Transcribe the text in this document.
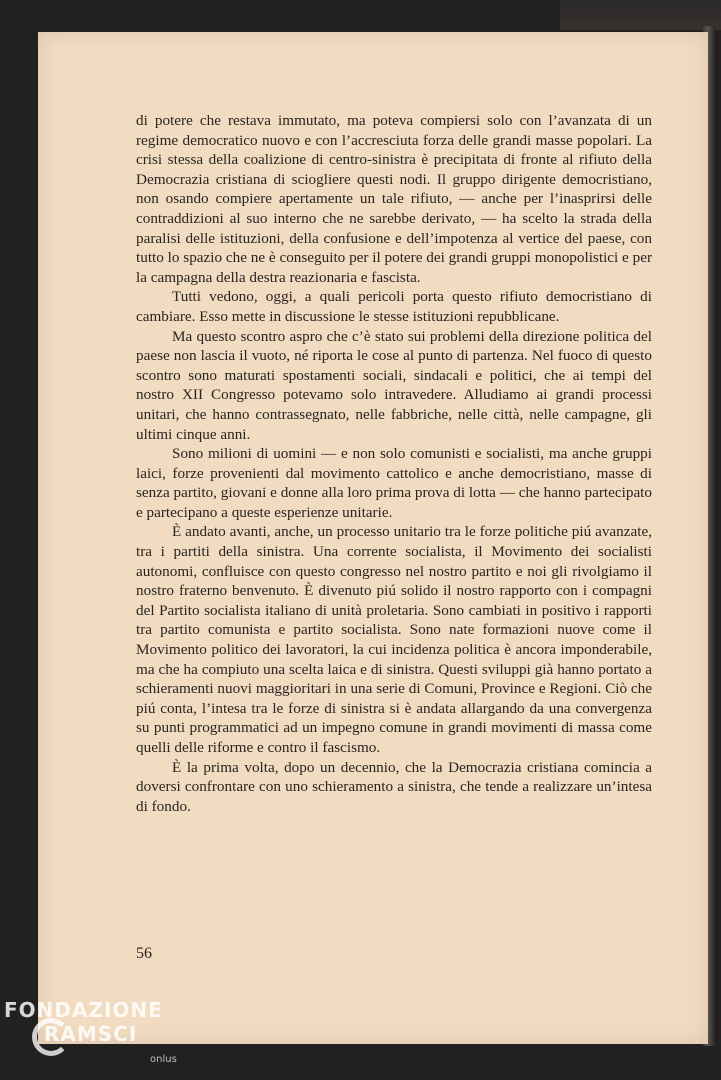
di potere che restava immutato, ma poteva compiersi solo con l’avanzata di un regime democratico nuovo e con l’accresciuta forza delle grandi masse popolari. La crisi stessa della coalizione di centro-sinistra è precipitata di fronte al rifiuto della Democrazia cristiana di sciogliere questi nodi. Il gruppo dirigente democristiano, non osando compiere apertamente un tale rifiuto, — anche per l’inasprirsi delle contraddizioni al suo interno che ne sarebbe derivato, — ha scelto la strada della paralisi delle istituzioni, della confusione e dell’impotenza al vertice del paese, con tutto lo spazio che ne è conseguito per il potere dei grandi gruppi monopolistici e per la campagna della destra reazionaria e fascista.

Tutti vedono, oggi, a quali pericoli porta questo rifiuto democristiano di cambiare. Esso mette in discussione le stesse istituzioni repubblicane.

Ma questo scontro aspro che c’è stato sui problemi della direzione politica del paese non lascia il vuoto, né riporta le cose al punto di partenza. Nel fuoco di questo scontro sono maturati spostamenti sociali, sindacali e politici, che ai tempi del nostro XII Congresso potevamo solo intravedere. Alludiamo ai grandi processi unitari, che hanno contrassegnato, nelle fabbriche, nelle città, nelle campagne, gli ultimi cinque anni.

Sono milioni di uomini — e non solo comunisti e socialisti, ma anche gruppi laici, forze provenienti dal movimento cattolico e anche democristiano, masse di senza partito, giovani e donne alla loro prima prova di lotta — che hanno partecipato e partecipano a queste esperienze unitarie.

È andato avanti, anche, un processo unitario tra le forze politiche piú avanzate, tra i partiti della sinistra. Una corrente socialista, il Movimento dei socialisti autonomi, confluisce con questo congresso nel nostro partito e noi gli rivolgiamo il nostro fraterno benvenuto. È divenuto piú solido il nostro rapporto con i compagni del Partito socialista italiano di unità proletaria. Sono cambiati in positivo i rapporti tra partito comunista e partito socialista. Sono nate formazioni nuove come il Movimento politico dei lavoratori, la cui incidenza politica è ancora imponderabile, ma che ha compiuto una scelta laica e di sinistra. Questi sviluppi già hanno portato a schieramenti nuovi maggioritari in una serie di Comuni, Province e Regioni. Ciò che piú conta, l’intesa tra le forze di sinistra si è andata allargando da una convergenza su punti programmatici ad un impegno comune in grandi movimenti di massa come quelli delle riforme e contro il fascismo.

È la prima volta, dopo un decennio, che la Democrazia cristiana comincia a doversi confrontare con uno schieramento a sinistra, che tende a realizzare un’intesa di fondo.

56
FONDAZIONE
RAMSCI
onlus
